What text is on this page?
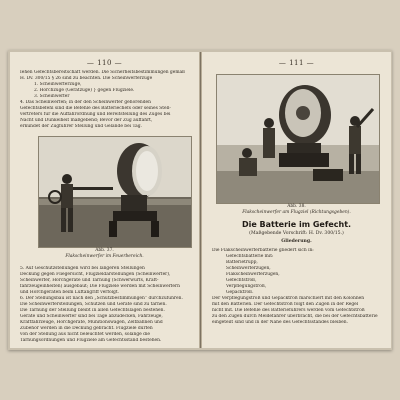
— 110 —
Iehen Gefechtsbereitschaft werden. Die Sicherheitsbestimmungen gemäß
H. Dv. 300/15 § 26 sind zu beachten. Die Scheinwerferzüge
1. Scheinwerferzüge,
2. Horchzüge (Gerätzüge) } gegen Flugziele.
3. Scheinwerfer
4. Das Scheinwerfen; in der den Scheinwerfer gehörenden
Gefechtsbefehl sind die Befehle des Batteriechefs oder seines Stell-
vertreters für die Auffahrordnung und Bereitstellung des Zuges bei
Nacht und Dunkelheit maßgebend; Bevor der Zug auffährt,
erkundet der Zugführer Stellung und Gelände bei Tag.
Abb. 37.
Flakscheinwerfer im Feuerbereich.
5. Auf Geschützstellungen wird bei längeren Stellungen
Deckung gegen Fliegersicht, Flugzieldarstellungen (Scheinwerfer),
Scheinwerfer, Horchgeräte und Tarnung (Schwerwurfs, Kraft-
fahrzeugeinheiten) ausgebaut; Die Flugziele werden mit Scheinwerfern
und Horchgeräten beim Luftangriff verfolgt.
6. Der Stellungsbau ist nach den „Schutzbestimmungen“ durchzuführen.
Die Scheinwerferstellungen, Schützen und Geräte sind zu tarnen.
Die Tarnung der Stellung bleibt in allen Gefechtslagen bestehen.
Geräte und Scheinwerfer sind bei Tage abzudecken, Fahrzeuge,
Kraftfahrzeuge, Horchgeräte, Munitionswagen, Zeltbahnen und
Zubehör werden in die Deckung gebracht. Flugziele dürfen
von der Stellung aus nicht beleuchtet werden, solange die
Tarnungsordnungen und Flugziele am Gefechtsstand bestehen.
— 111 —
Abb. 38.
Flakscheinwerfer am Flugziel (Richtungsgeben).
Die Batterie im Gefecht.
(Maßgebende Vorschrift: H. Dv. 300/15.)
Gliederung.
Die Flakscheinwerferbatterie gliedert sich in:
Gefechtsbatterie mit:
Batterietrupp,
Scheinwerferzügen,
Flakscheinwerferzügen,
Gefechtstroß,
Verpflegungstroß,
Gepäcktroß.
Der Verpflegungstroß und Gepäcktroß marschiert mit den Kolonnen
mit den Batterien. Der Gefechtstroß folgt den Zügen in der Regel
nicht mit. Die Befehle des Batterieführers werden vom Gefechtstroß
zu den Zügen durch Meldefahrer überbracht, die bei der Gefechtsbatterie
eingeteilt sind und in der Nähe des Gefechtsstandes bleiben.
